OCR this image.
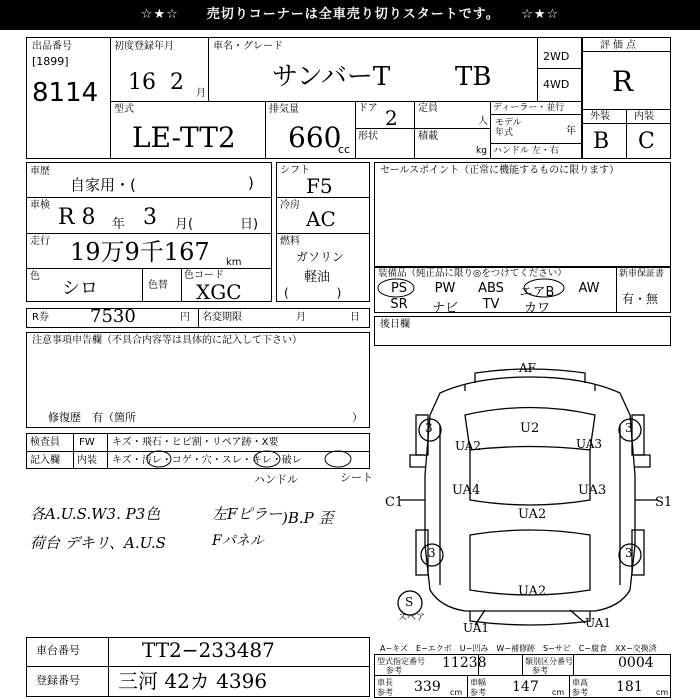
☆★☆　　売切りコーナーは全車売り切りスタートです。　　☆★☆
出品番号
[1899]
8114
初度登録年月
16 2 月
車名・グレード
サンバーT TB
2WD
4WD
評価点
R
外装 内装
B C
型式
LE-TT2
排気量
660
cc
ドア 2
形状
定員
人
積載
kg
ディーラー・並行
モデル
年式	年
ハンドル 左・右
車歴
自家用・(	)
車検 R 8 年 3 月(	日)
走行 19万9千167 km
色
シロ	色替
色コード
XGC
シフト
F5
冷房
AC
燃料
ガソリン
軽油
(　　　　)
R券 7530	円 名変期限	月	日
注意事項申告欄（不具合内容等は具体的に記入して下さい）
修復歴　有（箇所	）
検査員
記入欄
FW キズ・飛石・ヒビ割・リペア跡・X要
内装 キズ・汚レ・コゲ・穴・スレ・キレ・破レ
ハンドル	シート
各A.U.S.W3. P3色	左Fピラー )B.P 歪
荷台 デキリ、A.U.S	Fパネル
セールスポイント（正常に機能するものに限ります）
装備品（純正品に限り◎をつけてください）	新車保証書
有・無
後日欄
AF
U2
UA2	UA3
UA4	UA3
UA2
C1	S1
UA2
UA1
UA1
3	3
3	3
S
スペア
A−キズ　E−エクボ　U−凹み　W−補修跡　S−サビ　C−腐食　XX−交換済
車台番号	TT2−233487
登録番号 三河 42カ 4396
型式指定番号
参考	11238	類別区分番号
参考	0004
車長
参考 339 cm
車幅
参考 147 cm
車高
参考 181 cm
PS	PW	ABS	エアB	AW
SR	ナビ	TV	カワ
